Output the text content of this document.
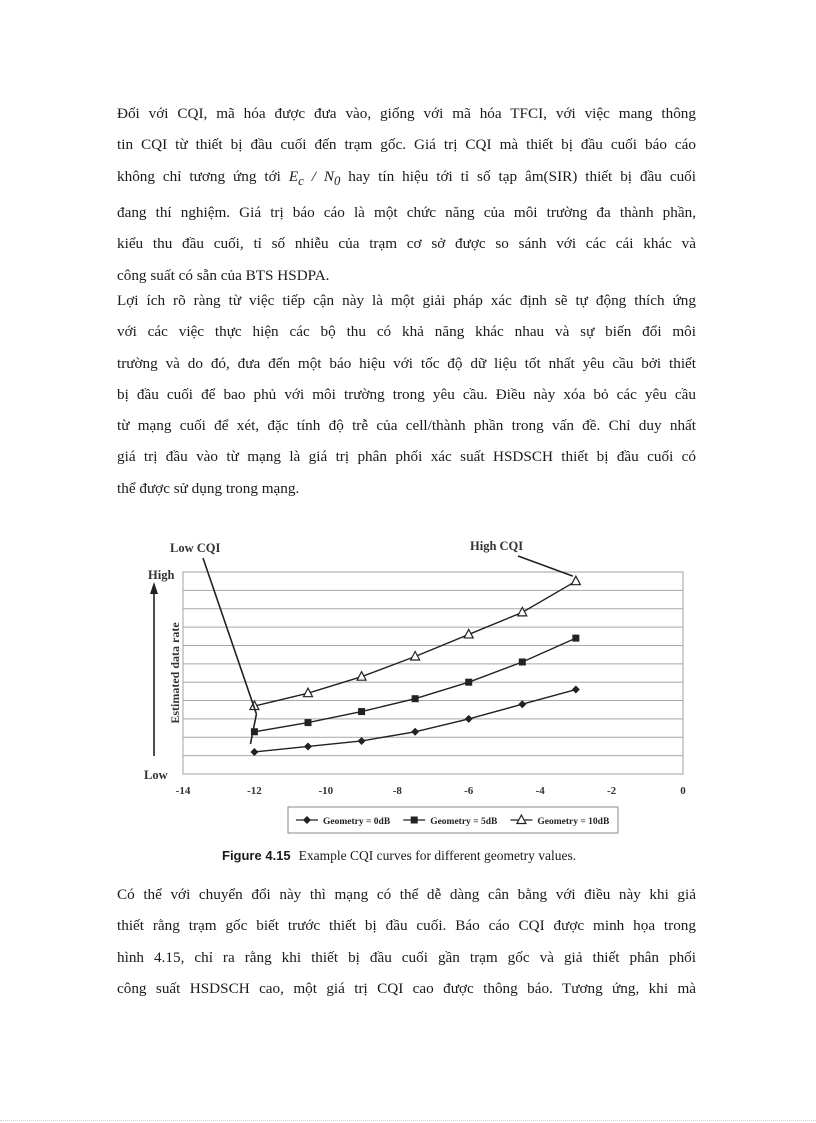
Đối với CQI, mã hóa được đưa vào, giống với mã hóa TFCI, với việc mang thông
tin CQI từ thiết bị đầu cuối đến trạm gốc. Giá trị CQI mà thiết bị đầu cuối báo cáo
không chỉ tương ứng tới $E_c / N_0$ hay tín hiệu tới tỉ số tạp âm(SIR) thiết bị đầu cuối
đang thí nghiệm. Giá trị báo cáo là một chức năng của môi trường đa thành phần,
kiểu thu đầu cuối, tỉ số nhiễu của trạm cơ sở được so sánh với các cái khác và
công suất có sẵn của BTS HSDPA.
Lợi ích rõ ràng từ việc tiếp cận này là một giải pháp xác định sẽ tự động thích ứng
với các việc thực hiện các bộ thu có khả năng khác nhau và sự biến đổi môi
trường và do đó, đưa đến một báo hiệu với tốc độ dữ liệu tốt nhất yêu cầu bởi thiết
bị đầu cuối để bao phủ với môi trường trong yêu cầu. Điều này xóa bỏ các yêu cầu
từ mạng cuối để xét, đặc tính độ trễ của cell/thành phần trong vấn đề. Chỉ duy nhất
giá trị đầu vào từ mạng là giá trị phân phối xác suất HSDSCH thiết bị đầu cuối có
thể được sử dụng trong mạng.
-14	-12	-10	-8	-6	-4	-2	0
High
Low
Estimated data rate
Low CQI	High CQI
Geometry = 0dB	Geometry = 5dB	Geometry = 10dB
Figure 4.15 Example CQI curves for different geometry values.
Có thể với chuyển đổi này thì mạng có thể dễ dàng cân bằng với điều này khi giả
thiết rằng trạm gốc biết trước thiết bị đầu cuối. Báo cáo CQI được minh họa trong
hình 4.15, chỉ ra rằng khi thiết bị đầu cuối gần trạm gốc và giả thiết phân phối
công suất HSDSCH cao, một giá trị CQI cao được thông báo. Tương ứng, khi mà
